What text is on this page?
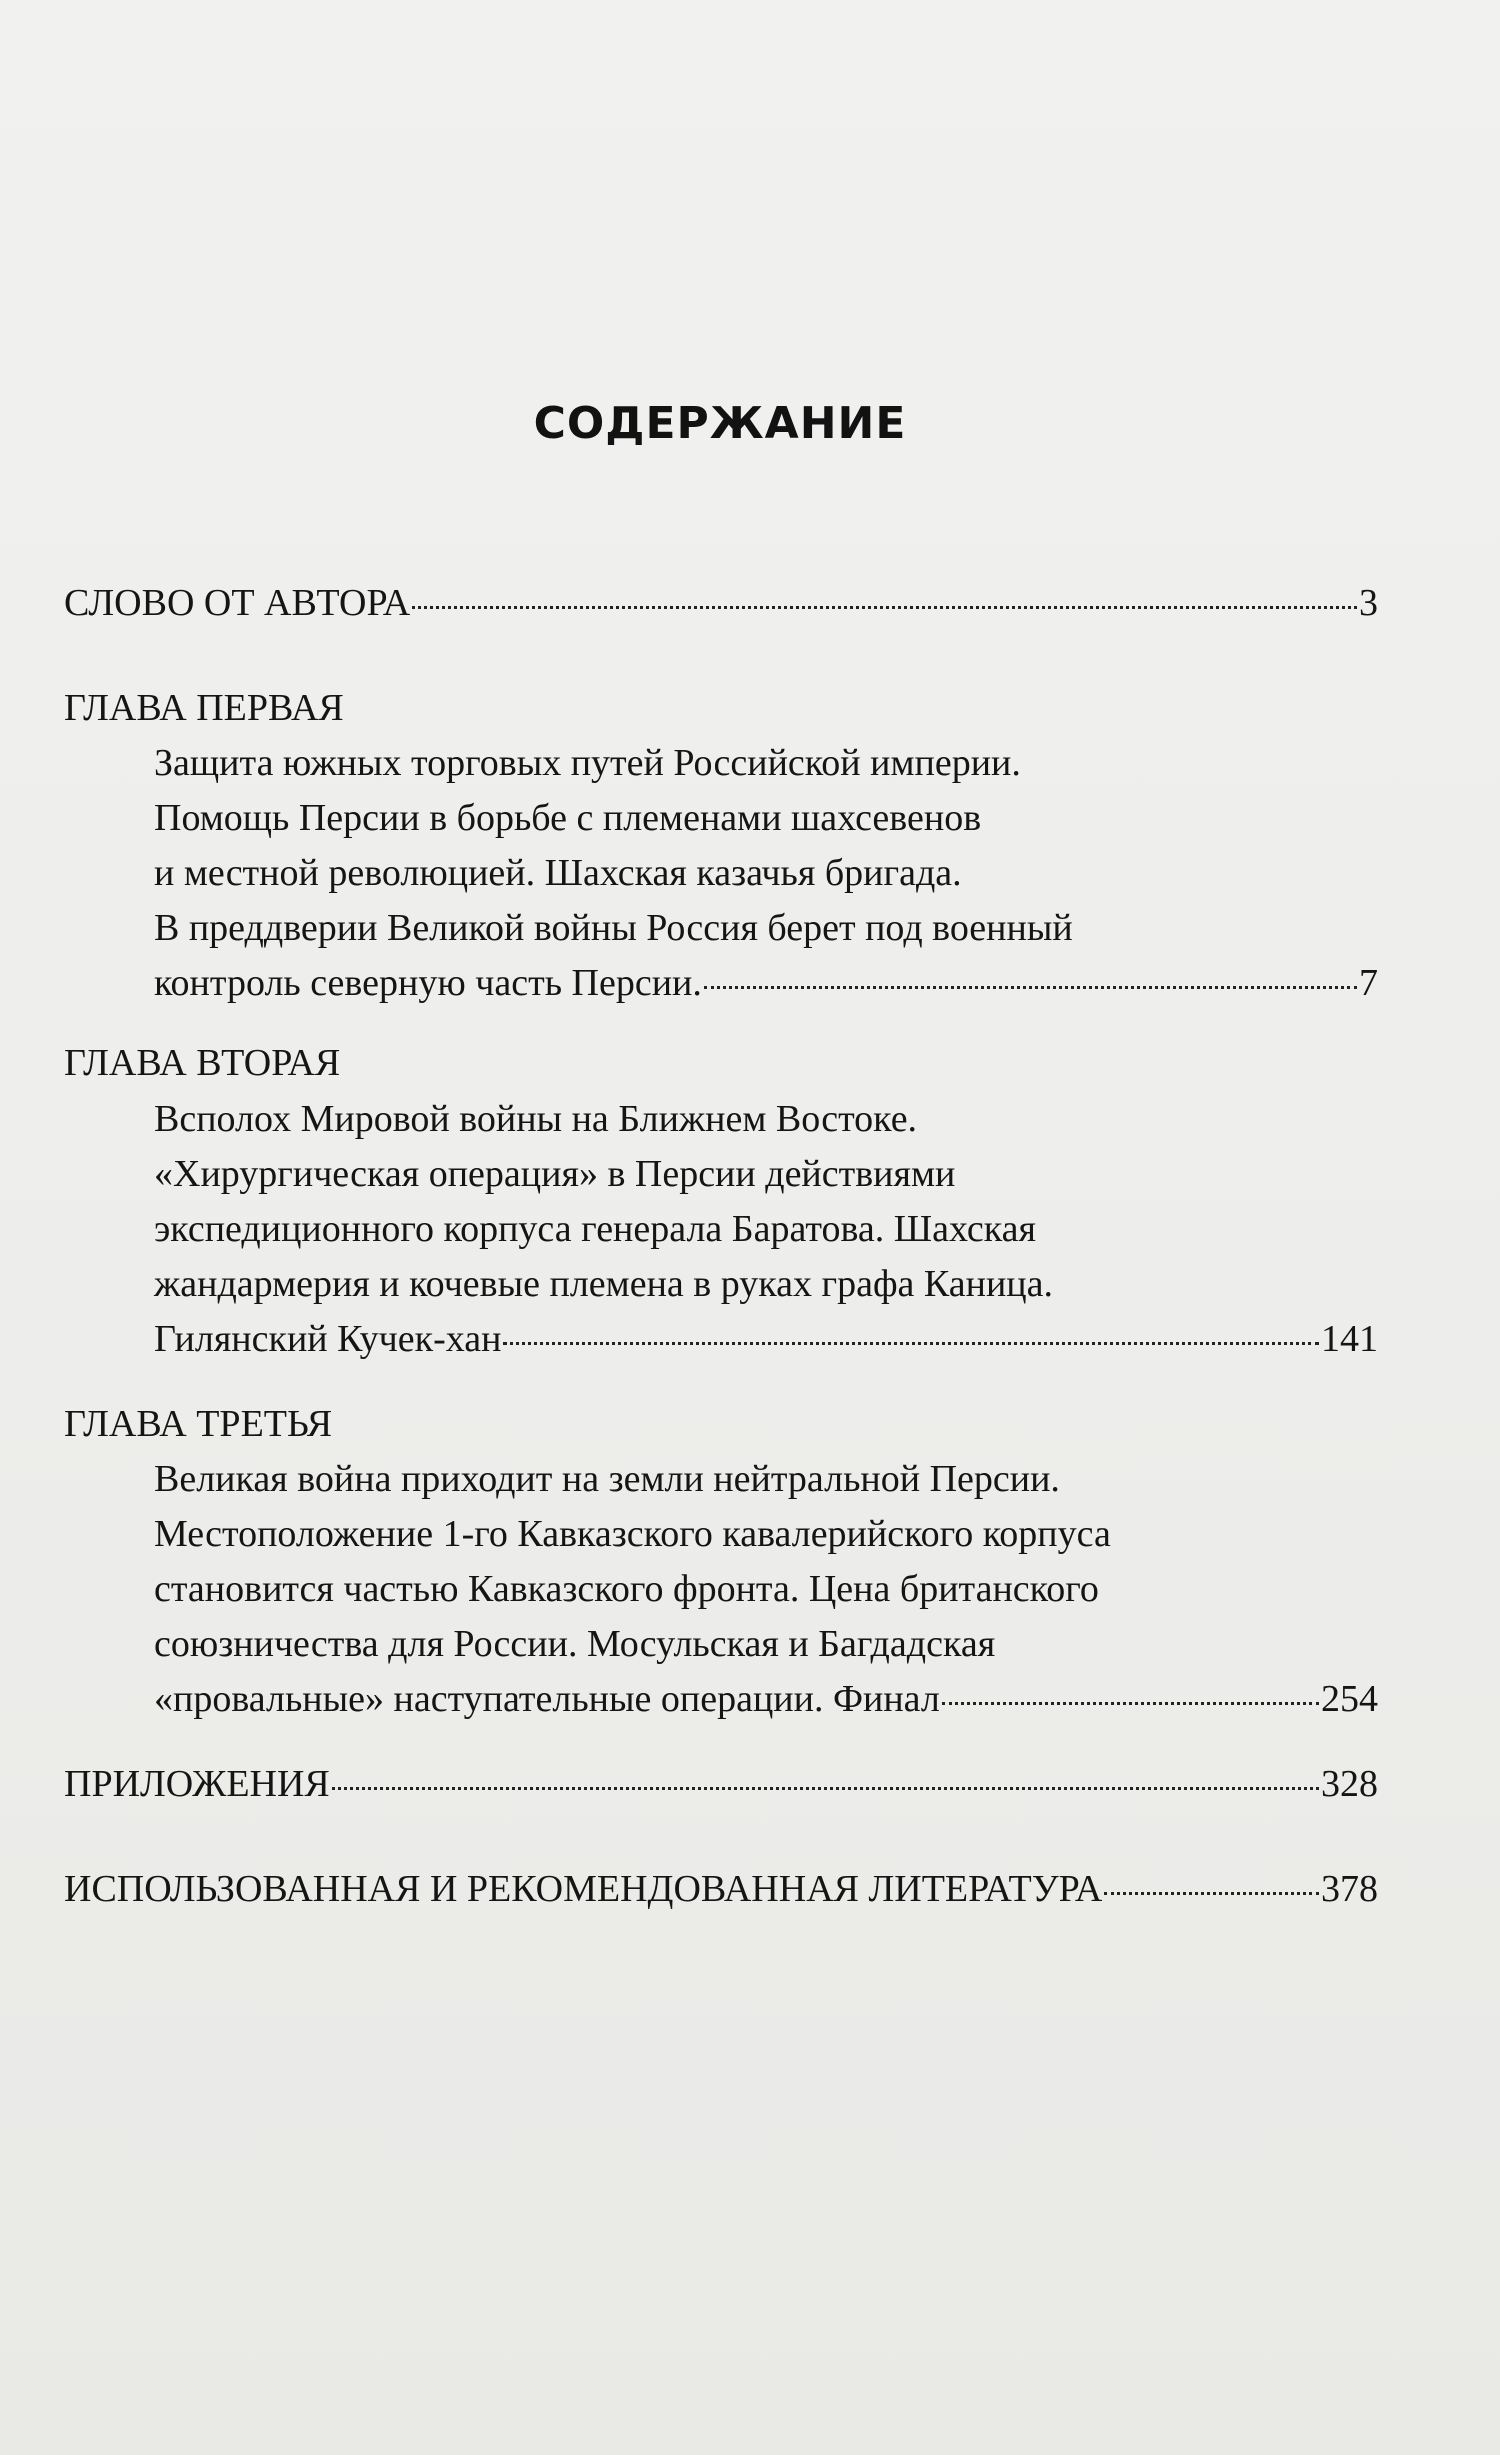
СОДЕРЖАНИЕ
СЛОВО ОТ АВТОРА	3
ГЛАВА ПЕРВАЯ
Защита южных торговых путей Российской империи.
Помощь Персии в борьбе с племенами шахсевенов
и местной революцией. Шахская казачья бригада.
В преддверии Великой войны Россия берет под военный
контроль северную часть Персии.	7
ГЛАВА ВТОРАЯ
Всполох Мировой войны на Ближнем Востоке.
«Хирургическая операция» в Персии действиями
экспедиционного корпуса генерала Баратова. Шахская
жандармерия и кочевые племена в руках графа Каница.
Гилянский Кучек-хан	141
ГЛАВА ТРЕТЬЯ
Великая война приходит на земли нейтральной Персии.
Местоположение 1-го Кавказского кавалерийского корпуса
становится частью Кавказского фронта. Цена британского
союзничества для России. Мосульская и Багдадская
«провальные» наступательные операции. Финал	254
ПРИЛОЖЕНИЯ	328
ИСПОЛЬЗОВАННАЯ И РЕКОМЕНДОВАННАЯ ЛИТЕРАТУРА	378
